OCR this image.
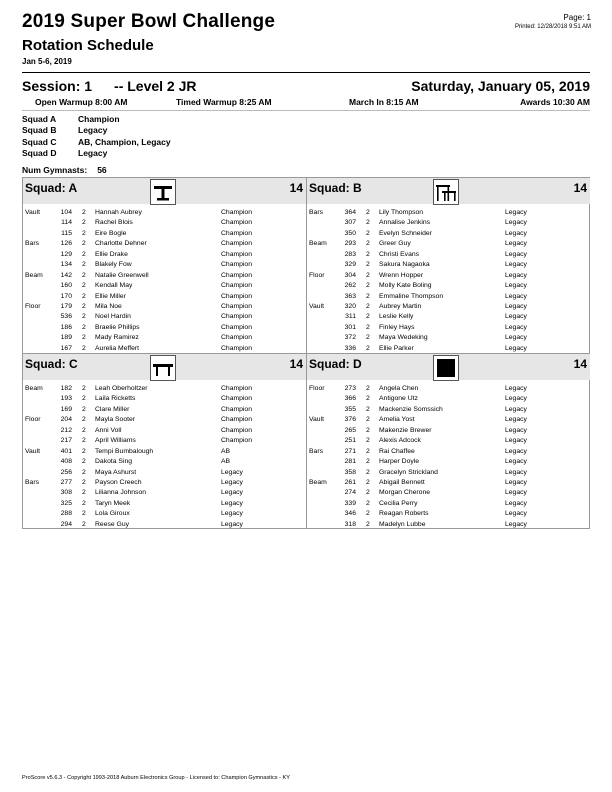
2019 Super Bowl Challenge
Rotation Schedule
Jan 5-6, 2019
Page: 1
Printed: 12/28/2018 9:51 AM
Session: 1 -- Level 2 JR	Saturday, January 05, 2019
Open Warmup 8:00 AM	Timed Warmup 8:25 AM	March In 8:15 AM	Awards 10:30 AM
Squad A	Champion
Squad B	Legacy
Squad C	AB, Champion, Legacy
Squad D	Legacy
Num Gymnasts: 56
Squad: A	14
Vault	104 2 Hannah Aubrey	Champion
114 2 Rachel Blois	Champion
115 2 Eire Bogle	Champion
Bars	126 2 Charlotte Dehner	Champion
129 2 Ellie Drake	Champion
134 2 Blakely Fow	Champion
Beam	142 2 Natalie Greenwell	Champion
160 2 Kendall May	Champion
170 2 Ellie Miller	Champion
Floor	179 2 Mila Noe	Champion
536 2 Noel Hardin	Champion
186 2 Braelie Phillips	Champion
189 2 Mady Ramirez	Champion
167 2 Aurelia Meffert	Champion
Squad: B	14
Bars	364 2 Lily Thompson	Legacy
307 2 Annalise Jenkins	Legacy
350 2 Evelyn Schneider	Legacy
Beam	293 2 Greer Guy	Legacy
283 2 Christi Evans	Legacy
329 2 Sakura Nagaoka	Legacy
Floor	304 2 Wrenn Hopper	Legacy
262 2 Molly Kate Boling	Legacy
363 2 Emmaline Thompson	Legacy
Vault	320 2 Aubrey Martin	Legacy
311 2 Leslie Kelly	Legacy
301 2 Finley Hays	Legacy
372 2 Maya Wedeking	Legacy
336 2 Ellie Parker	Legacy
Squad: C	14
Beam	182 2 Leah Oberholtzer	Champion
193 2 Laila Ricketts	Champion
169 2 Clare Miller	Champion
Floor	204 2 Mayla Sooter	Champion
212 2 Anni Voll	Champion
217 2 April Williams	Champion
Vault	401 2 Tempi Bumbalough	AB
408 2 Dakota Sing	AB
256 2 Maya Ashurst	Legacy
Bars	277 2 Payson Creech	Legacy
308 2 Lilianna Johnson	Legacy
325 2 Taryn Meek	Legacy
288 2 Lola Giroux	Legacy
294 2 Reese Guy	Legacy
Squad: D	14
Floor	273 2 Angela Chen	Legacy
366 2 Antigone Utz	Legacy
355 2 Mackenzie Somssich	Legacy
Vault	376 2 Amelia Yost	Legacy
265 2 Makenzie Brewer	Legacy
251 2 Alexis Adcock	Legacy
Bars	271 2 Rai Chaffee	Legacy
281 2 Harper Doyle	Legacy
358 2 Gracelyn Strickland	Legacy
Beam	261 2 Abigail Bennett	Legacy
274 2 Morgan Cherone	Legacy
339 2 Cecilia Perry	Legacy
346 2 Reagan Roberts	Legacy
318 2 Madelyn Lubbe	Legacy
ProScore v5.6.3 - Copyright 1993-2018 Auburn Electronics Group - Licensed to: Champion Gymnastics - KY
